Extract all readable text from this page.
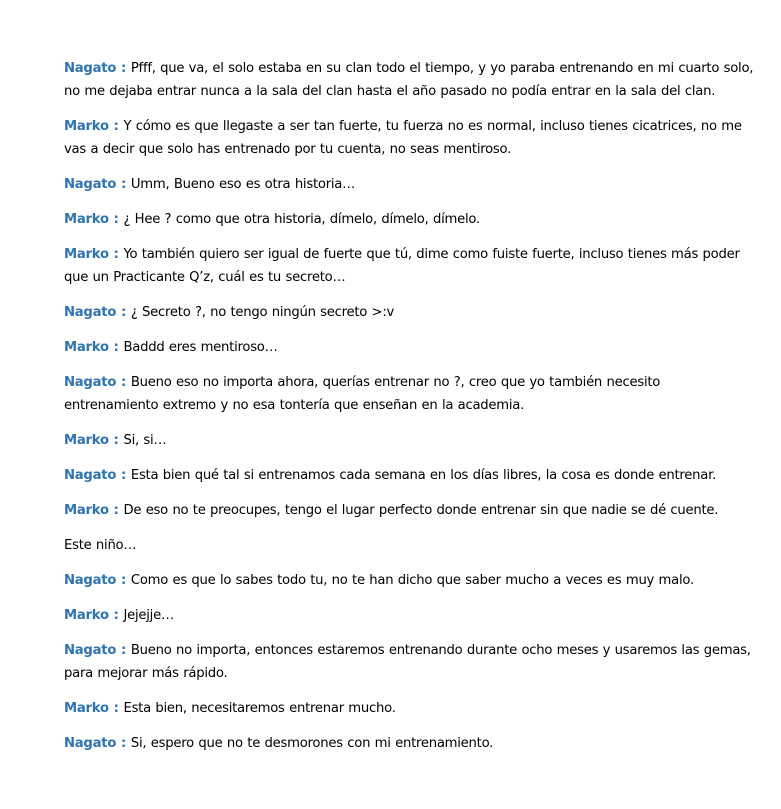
Nagato : Pfff, que va, el solo estaba en su clan todo el tiempo, y yo paraba entrenando en mi cuarto solo, no me dejaba entrar nunca a la sala del clan hasta el año pasado no podía entrar en la sala del clan.

Marko : Y cómo es que llegaste a ser tan fuerte, tu fuerza no es normal, incluso tienes cicatrices, no me vas a decir que solo has entrenado por tu cuenta, no seas mentiroso.

Nagato : Umm, Bueno eso es otra historia…

Marko : ¿ Hee ? como que otra historia, dímelo, dímelo, dímelo.

Marko : Yo también quiero ser igual de fuerte que tú, dime como fuiste fuerte, incluso tienes más poder que un Practicante Q’z, cuál es tu secreto…

Nagato : ¿ Secreto ?, no tengo ningún secreto >:v

Marko : Baddd eres mentiroso…

Nagato : Bueno eso no importa ahora, querías entrenar no ?, creo que yo también necesito entrenamiento extremo y no esa tontería que enseñan en la academia.

Marko : Si, si…

Nagato : Esta bien qué tal si entrenamos cada semana en los días libres, la cosa es donde entrenar.

Marko : De eso no te preocupes, tengo el lugar perfecto donde entrenar sin que nadie se dé cuente.

Este niño…

Nagato : Como es que lo sabes todo tu, no te han dicho que saber mucho a veces es muy malo.

Marko : Jejejje…

Nagato : Bueno no importa, entonces estaremos entrenando durante ocho meses y usaremos las gemas, para mejorar más rápido.

Marko : Esta bien, necesitaremos entrenar mucho.

Nagato : Si, espero que no te desmorones con mi entrenamiento.
